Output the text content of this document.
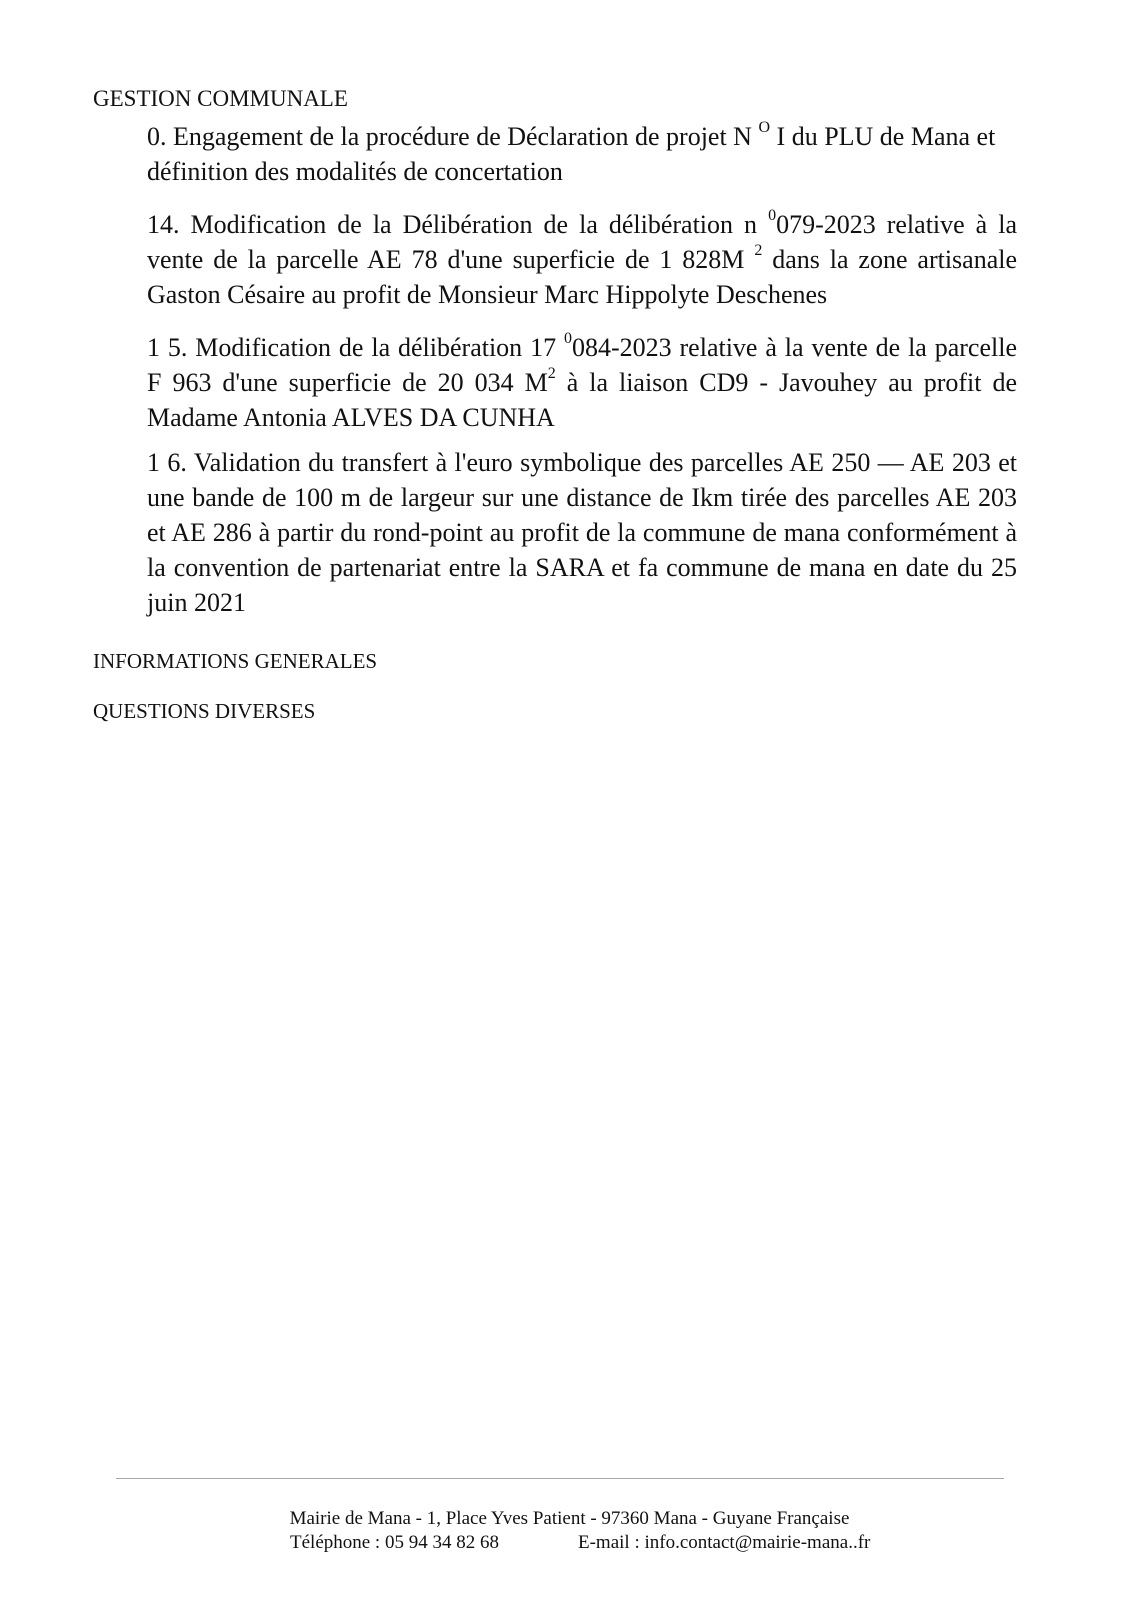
GESTION COMMUNALE

0. Engagement de la procédure de Déclaration de projet N $^O$ I du PLU de Mana et définition des modalités de concertation

14. Modification de la Délibération de la délibération n $^0$079-2023 relative à la vente de la parcelle AE 78 d'une superficie de 1 828M $^2$ dans la zone artisanale Gaston Césaire au profit de Monsieur Marc Hippolyte Deschenes

1 5. Modification de la délibération 17 $^0$084-2023 relative à la vente de la parcelle F 963 d'une superficie de 20 034 $M^2$ à la liaison CD9 - Javouhey au profit de Madame Antonia ALVES DA CUNHA

1 6. Validation du transfert à l'euro symbolique des parcelles AE 250 — AE 203 et une bande de 100 m de largeur sur une distance de Ikm tirée des parcelles AE 203 et AE 286 à partir du rond-point au profit de la commune de mana conformément à la convention de partenariat entre la SARA et fa commune de mana en date du 25 juin 2021

INFORMATIONS GENERALES
QUESTIONS DIVERSES
Mairie de Mana - 1, Place Yves Patient - 97360 Mana - Guyane Française
Téléphone : 05 94 34 82 68	E-mail : info.contact@mairie-mana..fr
